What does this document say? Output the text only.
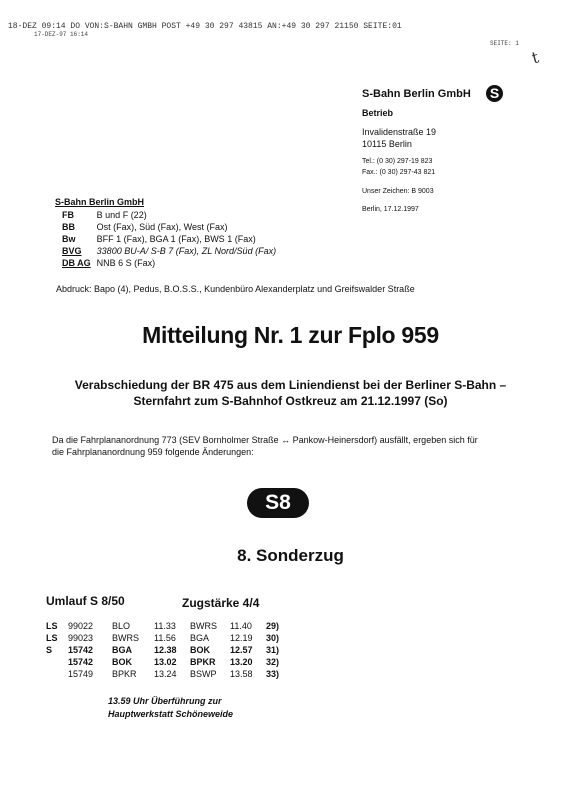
18-DEZ 09:14 DO VON:S-BAHN GMBH POST +49 30 297 43815 AN:+49 30 297 21150 SEITE:01
17-DEZ-97 16:14
SEITE: 1
t
S-Bahn Berlin GmbH S
Betrieb
Invalidenstraße 19
10115 Berlin
Tel.: (0 30) 297-19 823
Fax.: (0 30) 297-43 821
Unser Zeichen: B 9003
Berlin, 17.12.1997
S-Bahn Berlin GmbH
FB	B und F (22)
BB	Ost (Fax), Süd (Fax), West (Fax)
Bw	BFF 1 (Fax), BGA 1 (Fax), BWS 1 (Fax)
BVG	33800 BU-A/ S-B 7 (Fax), ZL Nord/Süd (Fax)
DB AG	NNB 6 S (Fax)
Abdruck: Bapo (4), Pedus, B.O.S.S., Kundenbüro Alexanderplatz und Greifswalder Straße
Mitteilung Nr. 1 zur Fplo 959
Verabschiedung der BR 475 aus dem Liniendienst bei der Berliner S-Bahn –
Sternfahrt zum S-Bahnhof Ostkreuz am 21.12.1997 (So)
Da die Fahrplananordnung 773 (SEV Bornholmer Straße ↔ Pankow-Heinersdorf) ausfällt, ergeben sich für
die Fahrplananordnung 959 folgende Änderungen:
S8
8. Sonderzug
Umlauf S 8/50	Zugstärke 4/4
LS	99022	BLO	11.33	BWRS	11.40	29)
LS	99023	BWRS	11.56	BGA	12.19	30)
S	15742	BGA	12.38	BOK	12.57	31)
	15742	BOK	13.02	BPKR	13.20	32)
	15749	BPKR	13.24	BSWP	13.58	33)
13.59 Uhr Überführung zur
Hauptwerkstatt Schöneweide
